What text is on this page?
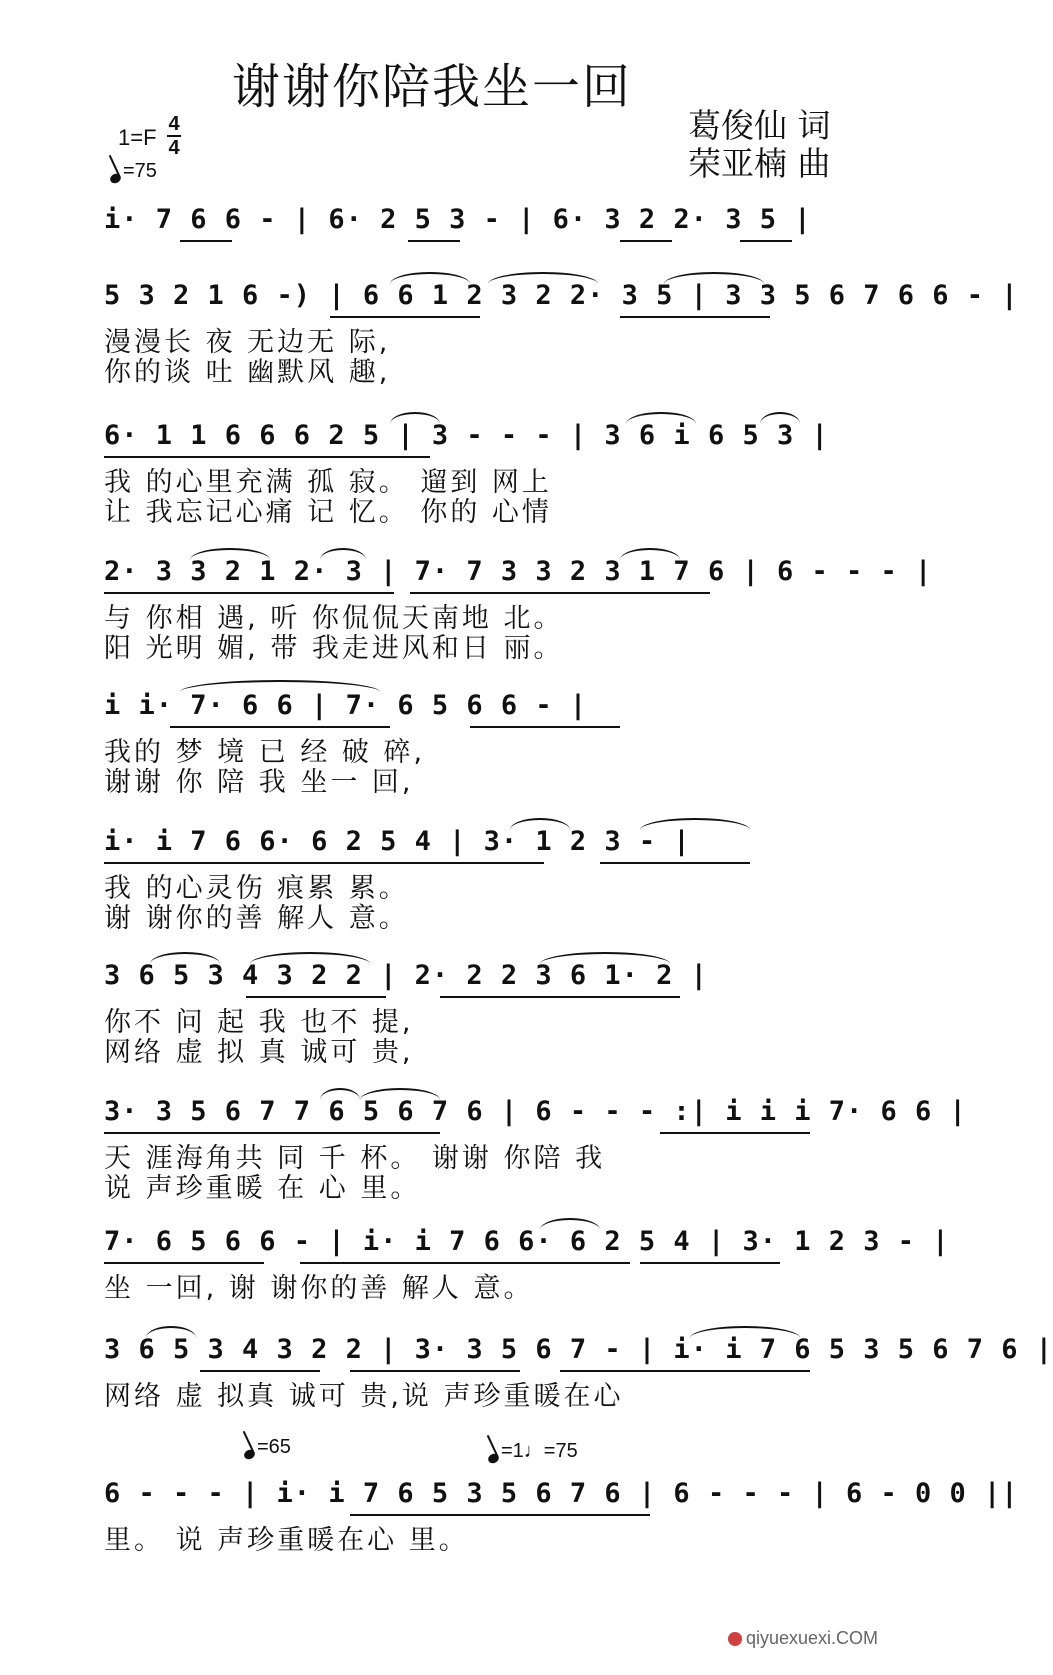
谢谢你陪我坐一回
葛俊仙 词
荣亚楠 曲
1=F
4
4
=75
i· 7 6 6 - | 6· 2 5 3 - | 6· 3 2 2· 3 5 |
5 3 2 1 6 -) | 6 6 1 2 3 2 2· 3 5 | 3 3 5 6 7 6 6 - |
漫漫长 夜 无边无 际,
你的谈 吐 幽默风 趣,
6· 1 1 6 6 6 2 5 | 3 - - - | 3 6 i 6 5 3 |
我 的心里充满 孤 寂。 遛到 网上
让 我忘记心痛 记 忆。 你的 心情
2· 3 3 2 1 2· 3 | 7· 7 3 3 2 3 1 7 6 | 6 - - - |
与 你相 遇, 听 你侃侃天南地 北。
阳 光明 媚, 带 我走进风和日 丽。
i i· 7· 6 6 | 7· 6 5 6 6 - |
我的 梦 境 已 经 破 碎,
谢谢 你 陪 我 坐一 回,
i· i 7 6 6· 6 2 5 4 | 3· 1 2 3 - |
我 的心灵伤 痕累 累。
谢 谢你的善 解人 意。
3 6 5 3 4 3 2 2 | 2· 2 2 3 6 1· 2 |
你不 问 起 我 也不 提,
网络 虚 拟 真 诚可 贵,
3· 3 5 6 7 7 6 5 6 7 6 | 6 - - - :| i i i 7· 6 6 |
天 涯海角共 同 千 杯。 谢谢 你陪 我
说 声珍重暖 在 心 里。
7· 6 5 6 6 - | i· i 7 6 6· 6 2 5 4 | 3· 1 2 3 - |
坐 一回, 谢 谢你的善 解人 意。
3 6 5 3 4 3 2 2 | 3· 3 5 6 7 - | i· i 7 6 5 3 5 6 7 6 |
网络 虚 拟真 诚可 贵,说 声珍重暖在心
=65	=1♩=75
6 - - - | i· i 7 6 5 3 5 6 7 6 | 6 - - - | 6 - 0 0 ||
里。 说 声珍重暖在心 里。
qiyuexuexi.COM
